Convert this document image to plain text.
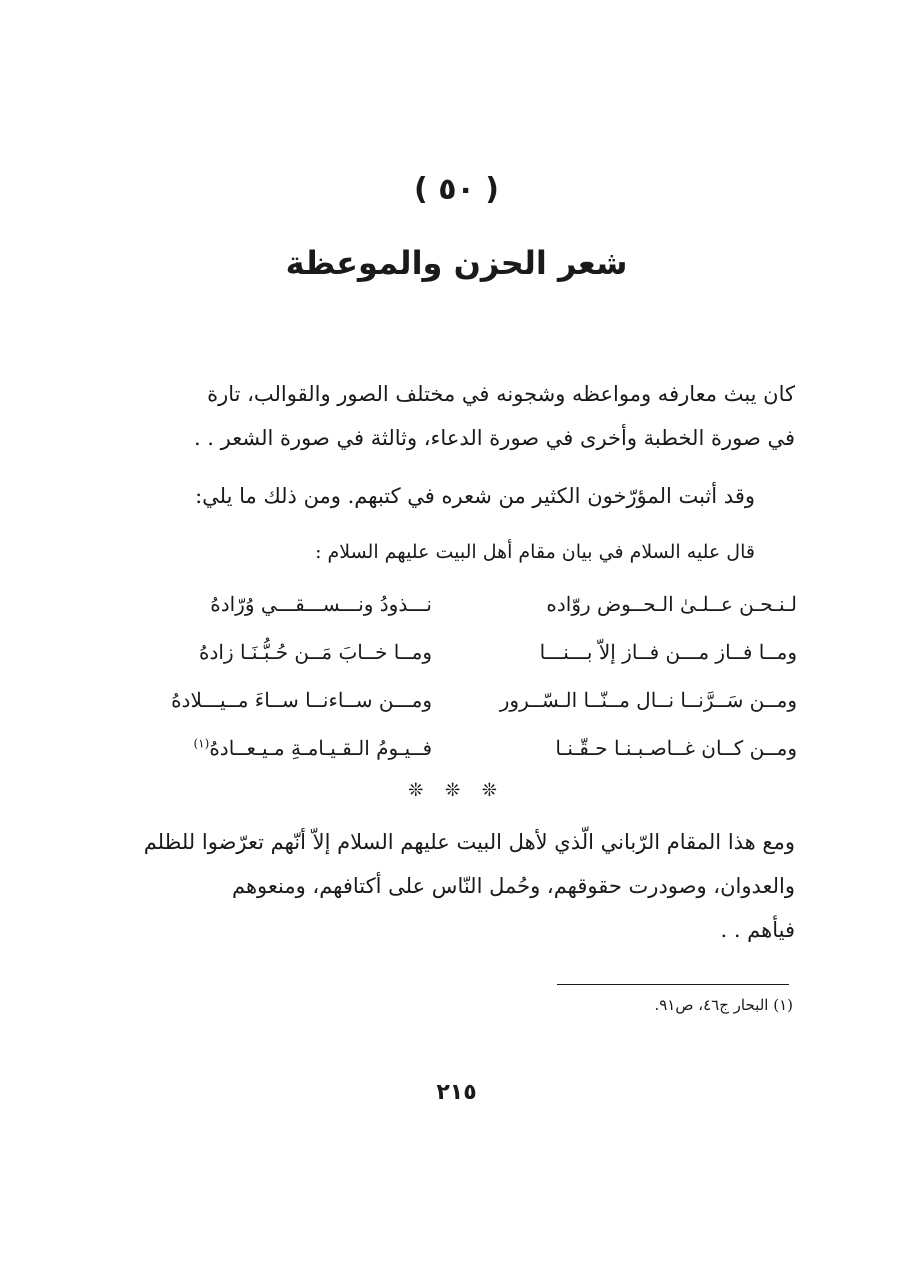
( ٥٠ )
شعر الحزن والموعظة
كان يبث معارفه ومواعظه وشجونه في مختلف الصور والقوالب، تارة
في صورة الخطبة وأخرى في صورة الدعاء، وثالثة في صورة الشعر . .
وقد أثبت المؤرّخون الكثير من شعره في كتبهم. ومن ذلك ما يلي:
قال عليه السلام في بيان مقام أهل البيت عليهم السلام :
لـنـحـن عــلـىٰ الـحــوض روّاده
نـــذودُ ونـــســـقـــي وُرّادهُ
ومــا فــاز مـــن فــاز إلاّ بـــنـــا
ومــا خــابَ مَــن حُـبُّـنَـا زادهُ
ومــن سَــرَّنــا نــال مــنّــا الـسّــرور
ومـــن ســاءنــا ســاءَ مــيـــلادهُ
ومــن كــان غــاصـبـنـا حـقّـنـا
فــيـومُ الـقـيـامـةِ مـيـعــادهُ$^{(١)}$
❊ ❊ ❊
ومع هذا المقام الرّباني الّذي لأهل البيت عليهم السلام إلاّ أنّهم تعرّضوا للظلم
والعدوان، وصودرت حقوقهم، وحُمل النّاس على أكتافهم، ومنعوهم
فيأهم . .
(١) البحار ج٤٦، ص٩١.
٢١٥
